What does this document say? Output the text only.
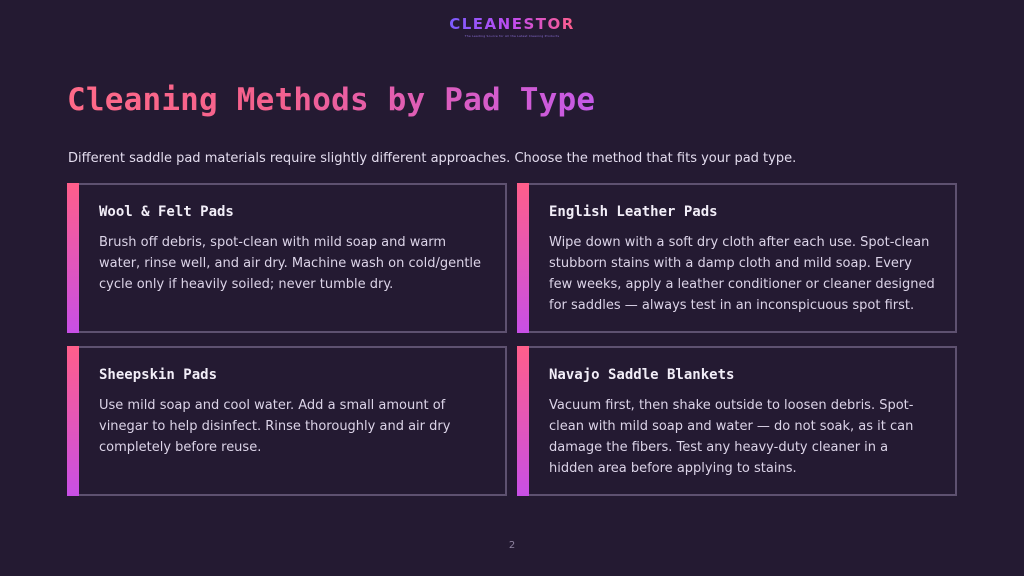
CLEANESTOR
The Leading Source for All the Latest Cleaning Products
Cleaning Methods by Pad Type

Different saddle pad materials require slightly different approaches. Choose the method that fits your pad type.

Wool & Felt Pads

Brush off debris, spot-clean with mild soap and warm water, rinse well, and air dry. Machine wash on cold/gentle cycle only if heavily soiled; never tumble dry.

English Leather Pads

Wipe down with a soft dry cloth after each use. Spot-clean stubborn stains with a damp cloth and mild soap. Every few weeks, apply a leather conditioner or cleaner designed for saddles — always test in an inconspicuous spot first.

Sheepskin Pads

Use mild soap and cool water. Add a small amount of vinegar to help disinfect. Rinse thoroughly and air dry completely before reuse.

Navajo Saddle Blankets

Vacuum first, then shake outside to loosen debris. Spot-clean with mild soap and water — do not soak, as it can damage the fibers. Test any heavy-duty cleaner in a hidden area before applying to stains.

2
